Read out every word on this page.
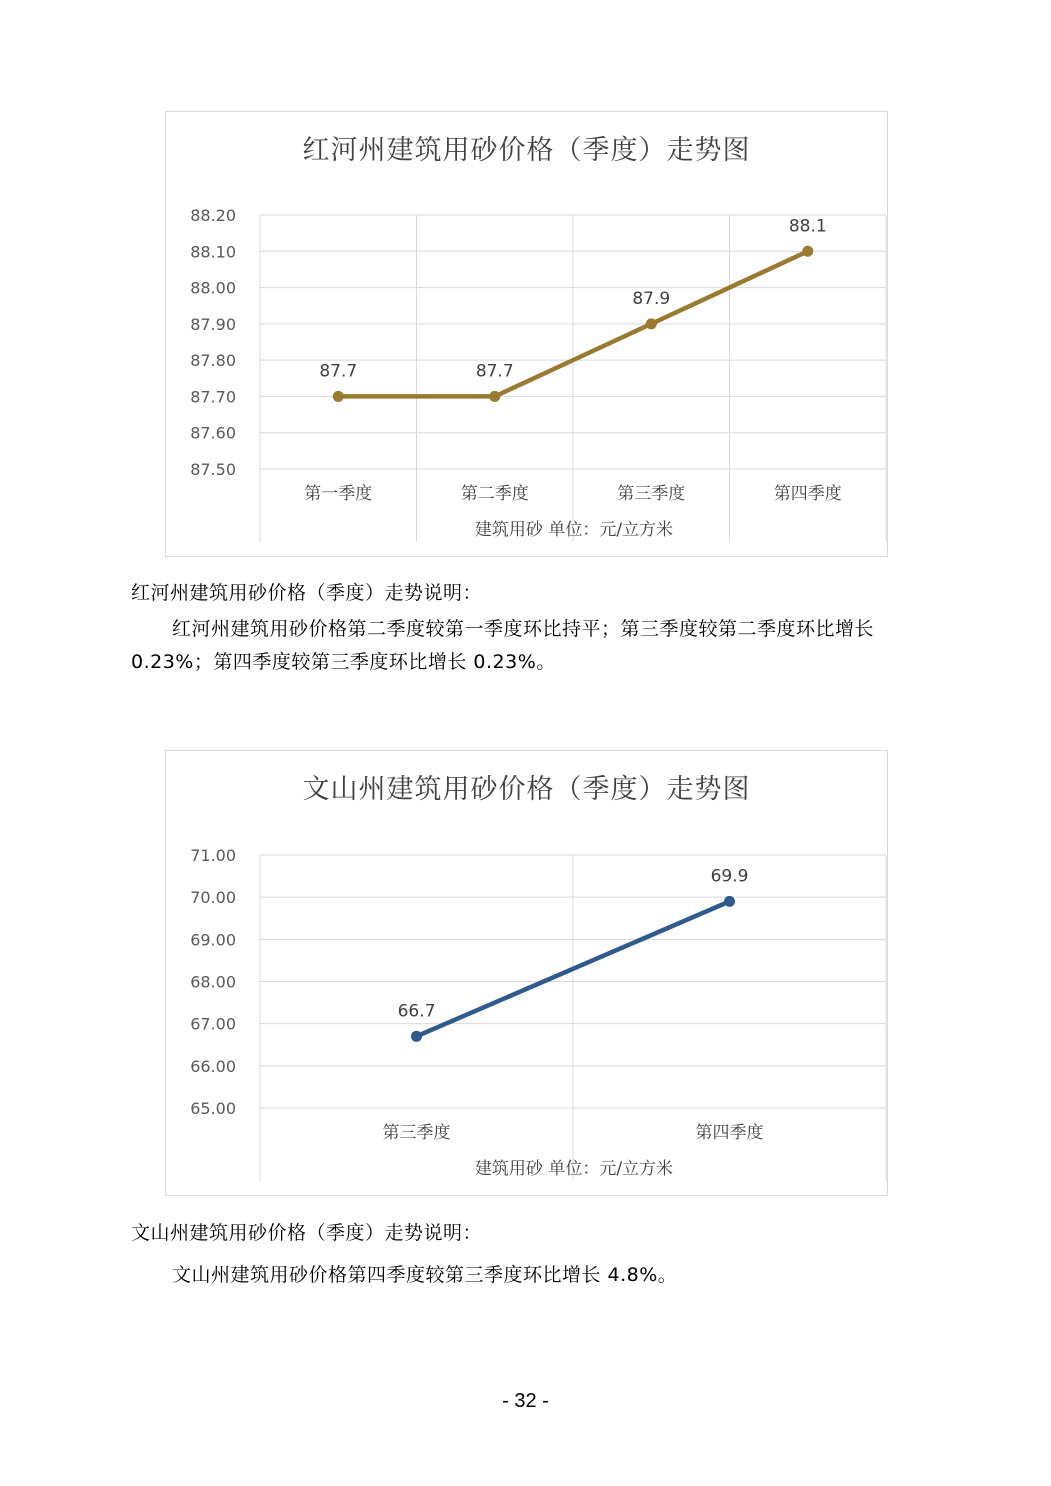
红河州建筑用砂价格（季度）走势图
88.20
88.10
88.00
87.90
87.80
87.70
87.60
87.50
第一季度	第二季度	第三季度	第四季度
建筑用砂 单位：元/立方米
87.7	87.7
87.9
88.1
红河州建筑用砂价格（季度）走势说明：
红河州建筑用砂价格第二季度较第一季度环比持平；第三季度较第二季度环比增长
0.23%；第四季度较第三季度环比增长 0.23%。
文山州建筑用砂价格（季度）走势图
71.00
70.00
69.00
68.00
67.00
66.00
65.00
第三季度	第四季度
建筑用砂 单位：元/立方米
66.7
69.9
文山州建筑用砂价格（季度）走势说明：
文山州建筑用砂价格第四季度较第三季度环比增长 4.8%。
- 32 -
